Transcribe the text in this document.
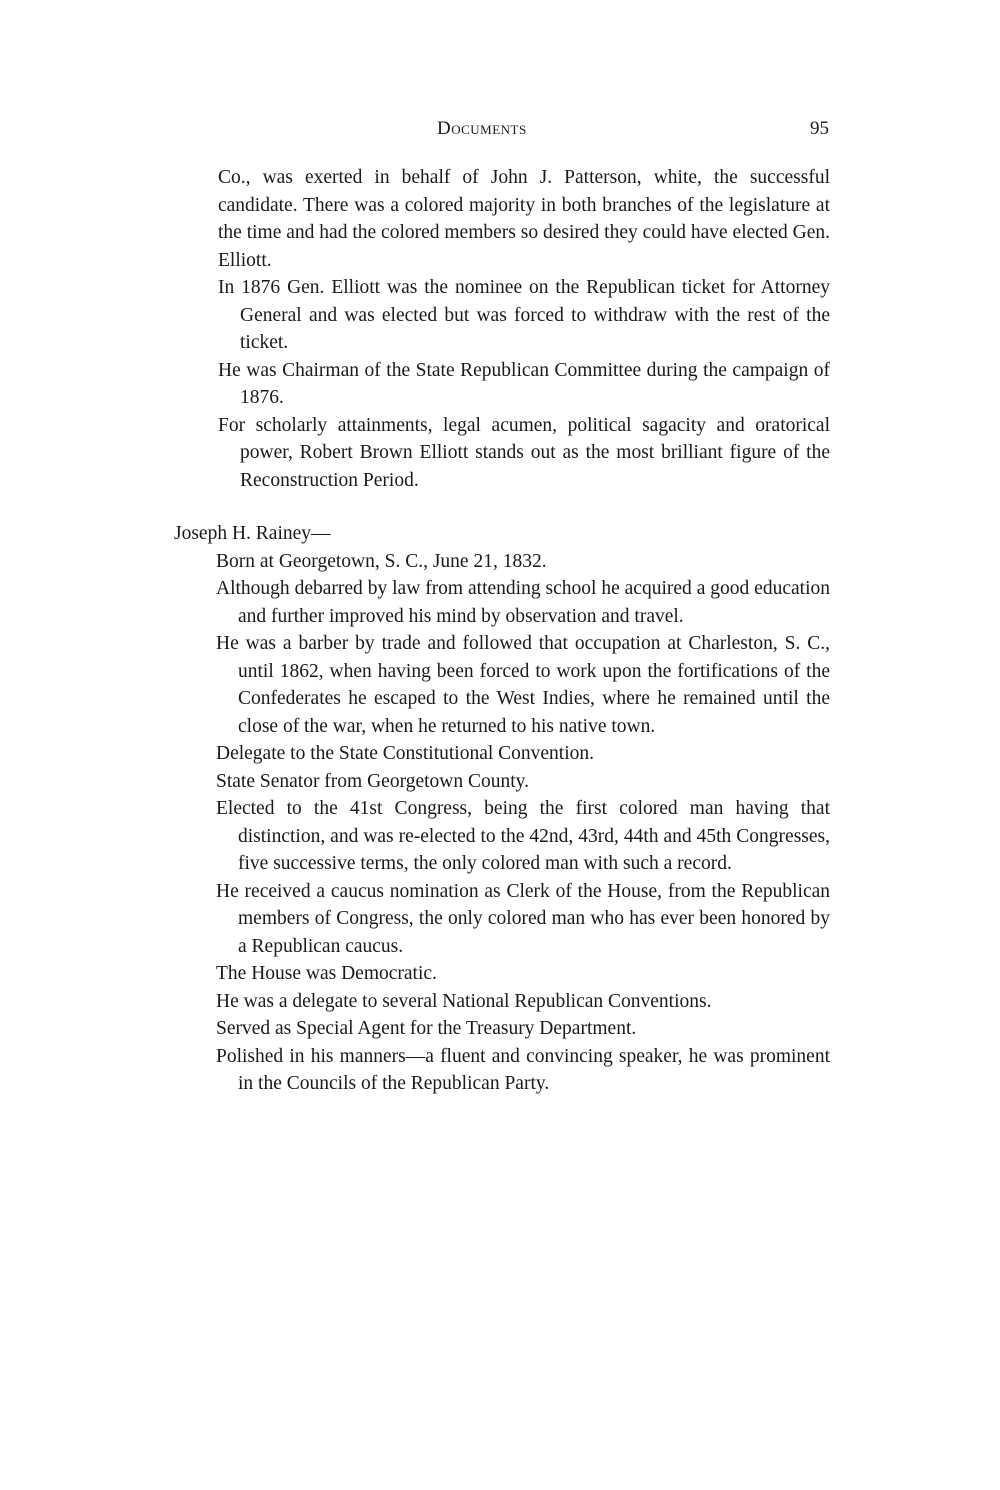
Documents	95

Co., was exerted in behalf of John J. Patterson, white, the successful candidate. There was a colored majority in both branches of the legislature at the time and had the colored members so desired they could have elected Gen. Elliott.

In 1876 Gen. Elliott was the nominee on the Republican ticket for Attorney General and was elected but was forced to withdraw with the rest of the ticket.

He was Chairman of the State Republican Committee during the campaign of 1876.

For scholarly attainments, legal acumen, political sagacity and oratorical power, Robert Brown Elliott stands out as the most brilliant figure of the Reconstruction Period.

Joseph H. Rainey—

Born at Georgetown, S. C., June 21, 1832.

Although debarred by law from attending school he acquired a good education and further improved his mind by observation and travel.

He was a barber by trade and followed that occupation at Charleston, S. C., until 1862, when having been forced to work upon the fortifications of the Confederates he escaped to the West Indies, where he remained until the close of the war, when he returned to his native town.

Delegate to the State Constitutional Convention.

State Senator from Georgetown County.

Elected to the 41st Congress, being the first colored man having that distinction, and was re-elected to the 42nd, 43rd, 44th and 45th Congresses, five successive terms, the only colored man with such a record.

He received a caucus nomination as Clerk of the House, from the Republican members of Congress, the only colored man who has ever been honored by a Republican caucus.

The House was Democratic.

He was a delegate to several National Republican Conventions.

Served as Special Agent for the Treasury Department.

Polished in his manners—a fluent and convincing speaker, he was prominent in the Councils of the Republican Party.
